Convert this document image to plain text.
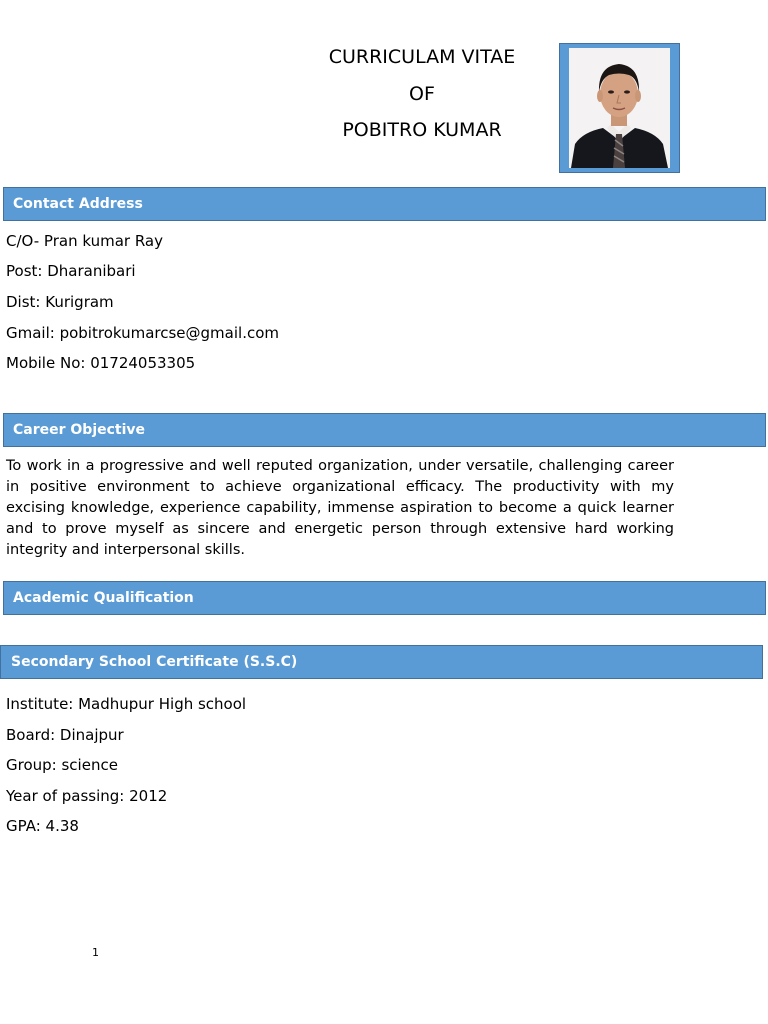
CURRICULAM VITAE
OF
POBITRO KUMAR
Contact Address
C/O- Pran kumar Ray
Post: Dharanibari
Dist: Kurigram
Gmail: pobitrokumarcse@gmail.com
Mobile No: 01724053305
Career Objective
To work in a progressive and well reputed organization, under versatile, challenging career in positive environment to achieve organizational efficacy. The productivity with my excising knowledge, experience capability, immense aspiration to become a quick learner and to prove myself as sincere and energetic person through extensive hard working integrity and interpersonal skills.
Academic Qualification
Secondary School Certificate (S.S.C)
Institute: Madhupur High school
Board: Dinajpur
Group: science
Year of passing: 2012
GPA: 4.38
1
